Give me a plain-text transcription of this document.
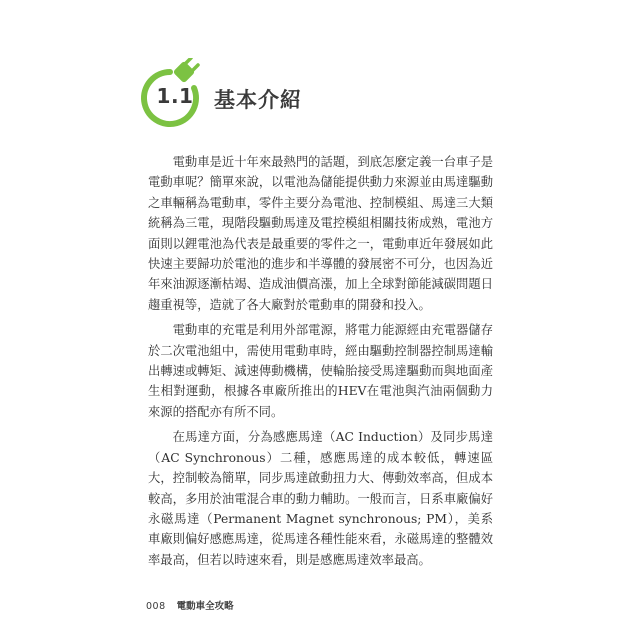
1.1 基本介紹

電動車是近十年來最熱門的話題，到底怎麼定義一台車子是電動車呢？簡單來說，以電池為儲能提供動力來源並由馬達驅動之車輛稱為電動車，零件主要分為電池、控制模組、馬達三大類統稱為三電，現階段驅動馬達及電控模組相關技術成熟，電池方面則以鋰電池為代表是最重要的零件之一，電動車近年發展如此快速主要歸功於電池的進步和半導體的發展密不可分，也因為近年來油源逐漸枯竭、造成油價高漲，加上全球對節能減碳問題日趨重視等，造就了各大廠對於電動車的開發和投入。

電動車的充電是利用外部電源，將電力能源經由充電器儲存於二次電池組中，需使用電動車時，經由驅動控制器控制馬達輸出轉速或轉矩、減速傳動機構，使輪胎接受馬達驅動而與地面產生相對運動，根據各車廠所推出的HEV在電池與汽油兩個動力來源的搭配亦有所不同。

在馬達方面，分為感應馬達（AC Induction）及同步馬達（AC Synchronous）二種，感應馬達的成本較低，轉速區大，控制較為簡單，同步馬達啟動扭力大、傳動效率高，但成本較高，多用於油電混合車的動力輔助。一般而言，日系車廠偏好永磁馬達（Permanent Magnet synchronous; PM），美系車廠則偏好感應馬達，從馬達各種性能來看，永磁馬達的整體效率最高，但若以時速來看，則是感應馬達效率最高。

008 電動車全攻略
